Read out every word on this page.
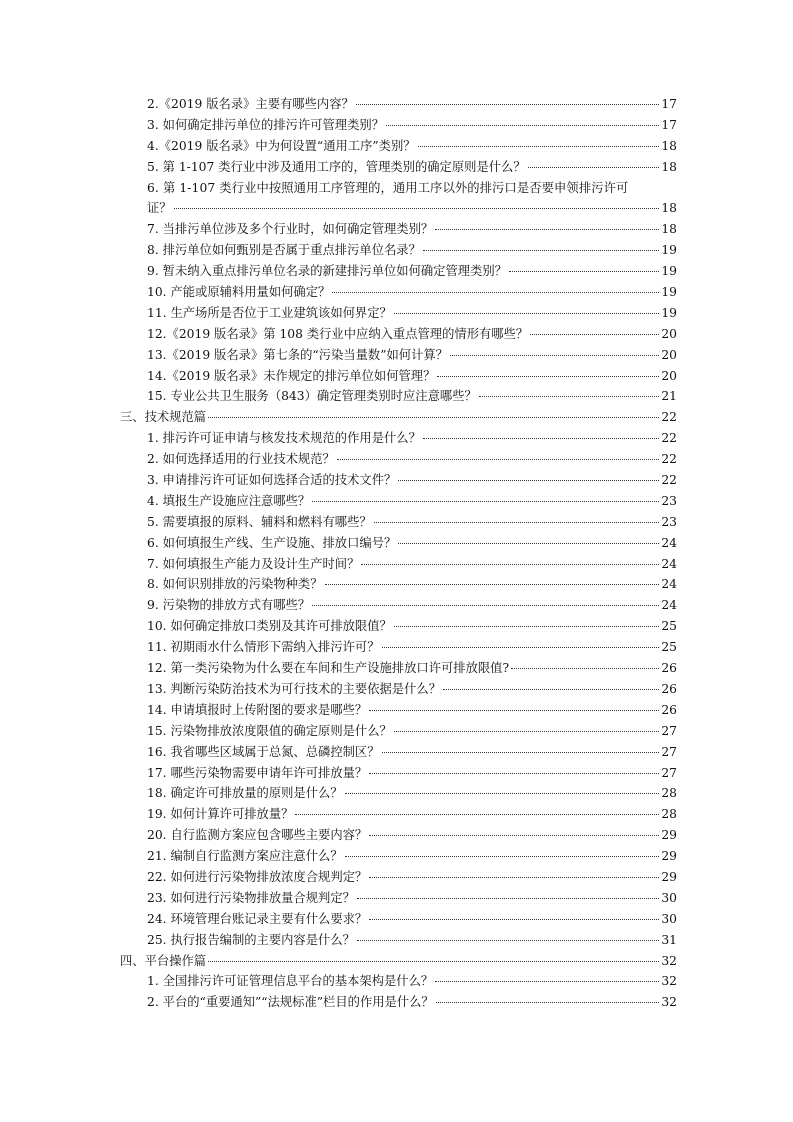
2.《2019 版名录》主要有哪些内容？	17
3. 如何确定排污单位的排污许可管理类别？	17
4.《2019 版名录》中为何设置“通用工序”类别？	18
5. 第 1-107 类行业中涉及通用工序的，管理类别的确定原则是什么？	18
6. 第 1-107 类行业中按照通用工序管理的，通用工序以外的排污口是否要申领排污许可
证？	18
7. 当排污单位涉及多个行业时，如何确定管理类别？	18
8. 排污单位如何甄别是否属于重点排污单位名录？	19
9. 暂未纳入重点排污单位名录的新建排污单位如何确定管理类别？	19
10. 产能或原辅料用量如何确定？	19
11. 生产场所是否位于工业建筑该如何界定？	19
12.《2019 版名录》第 108 类行业中应纳入重点管理的情形有哪些？	20
13.《2019 版名录》第七条的“污染当量数”如何计算？	20
14.《2019 版名录》未作规定的排污单位如何管理？	20
15. 专业公共卫生服务（843）确定管理类别时应注意哪些？	21
三、技术规范篇	22
1. 排污许可证申请与核发技术规范的作用是什么？	22
2. 如何选择适用的行业技术规范？	22
3. 申请排污许可证如何选择合适的技术文件？	22
4. 填报生产设施应注意哪些？	23
5. 需要填报的原料、辅料和燃料有哪些？	23
6. 如何填报生产线、生产设施、排放口编号？	24
7. 如何填报生产能力及设计生产时间？	24
8. 如何识别排放的污染物种类？	24
9. 污染物的排放方式有哪些？	24
10. 如何确定排放口类别及其许可排放限值？	25
11. 初期雨水什么情形下需纳入排污许可？	25
12. 第一类污染物为什么要在车间和生产设施排放口许可排放限值?	26
13. 判断污染防治技术为可行技术的主要依据是什么？	26
14. 申请填报时上传附图的要求是哪些？	26
15. 污染物排放浓度限值的确定原则是什么？	27
16. 我省哪些区域属于总氮、总磷控制区？	27
17. 哪些污染物需要申请年许可排放量？	27
18. 确定许可排放量的原则是什么？	28
19. 如何计算许可排放量？	28
20. 自行监测方案应包含哪些主要内容？	29
21. 编制自行监测方案应注意什么？	29
22. 如何进行污染物排放浓度合规判定？	29
23. 如何进行污染物排放量合规判定？	30
24. 环境管理台账记录主要有什么要求？	30
25. 执行报告编制的主要内容是什么？	31
四、平台操作篇	32
1. 全国排污许可证管理信息平台的基本架构是什么？	32
2. 平台的“重要通知”“法规标准”栏目的作用是什么？	32
